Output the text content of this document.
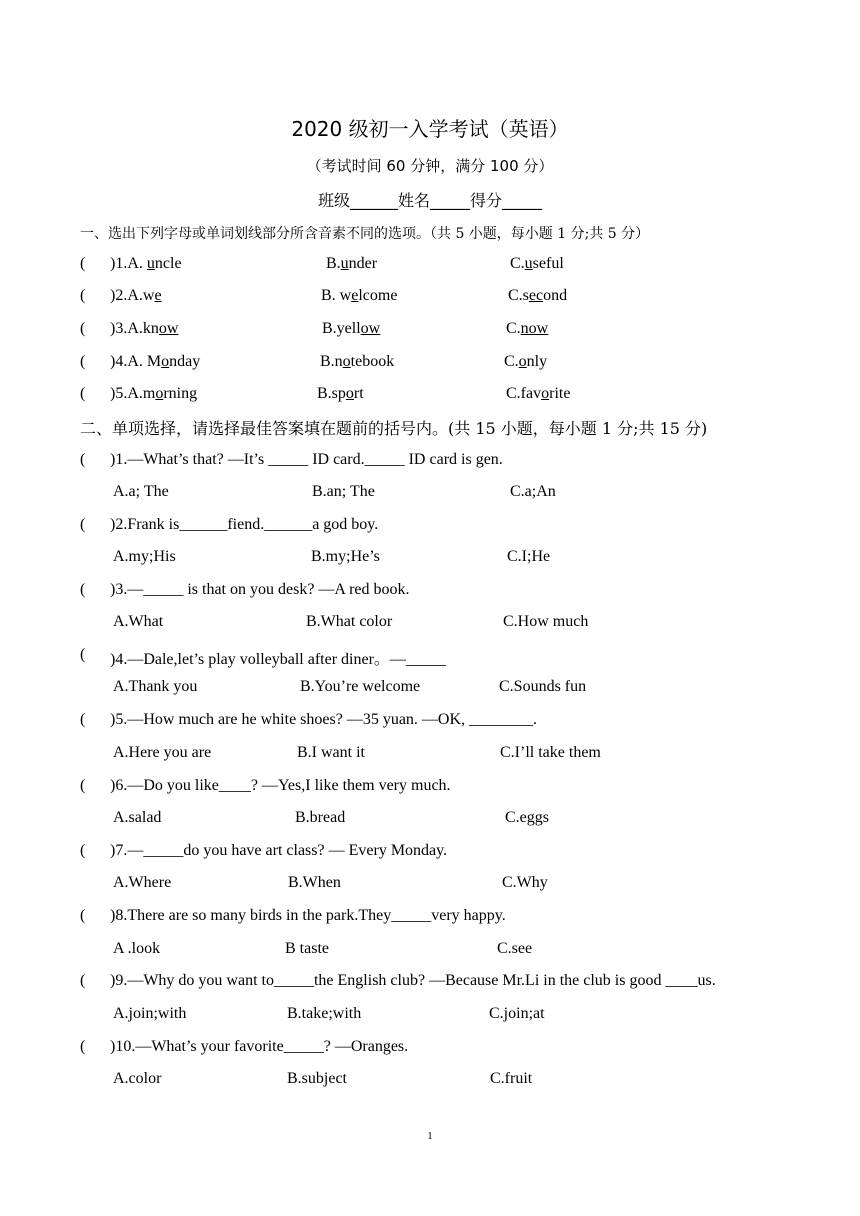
2020 级初一入学考试（英语）
（考试时间 60 分钟，满分 100 分）
班级______姓名_____得分_____
一、选出下列字母或单词划线部分所含音素不同的选项。（共 5 小题，每小题 1 分;共 5 分）
( )1.A. uncle	B.under	C.useful
( )2.A.we	B. welcome	C.second
( )3.A.know	B.yellow	C.now
( )4.A. Monday	B.notebook	C.only
( )5.A.morning	B.sport	C.favorite
二、单项选择，请选择最佳答案填在题前的括号内。(共 15 小题，每小题 1 分;共 15 分)
( )1.—What’s that? —It’s _____ ID card._____ ID card is gen.
A.a; The	B.an; The	C.a;An
( )2.Frank is______fiend.______a god boy.
A.my;His	B.my;He’s	C.I;He
( )3.—_____ is that on you desk? —A red book.
A.What	B.What color	C.How much
( )4.—Dale,let’s play volleyball after diner。—_____
A.Thank you	B.You’re welcome	C.Sounds fun
( )5.—How much are he white shoes? —35 yuan. —OK, ________.
A.Here you are	B.I want it	C.I’ll take them
( )6.—Do you like____? —Yes,I like them very much.
A.salad	B.bread	C.eggs
( )7.—_____do you have art class? — Every Monday.
A.Where	B.When	C.Why
( )8.There are so many birds in the park.They_____very happy.
A .look	B taste	C.see
( )9.—Why do you want to_____the English club? —Because Mr.Li in the club is good ____us.
A.join;with	B.take;with	C.join;at
( )10.—What’s your favorite_____? —Oranges.
A.color	B.subject	C.fruit
1
